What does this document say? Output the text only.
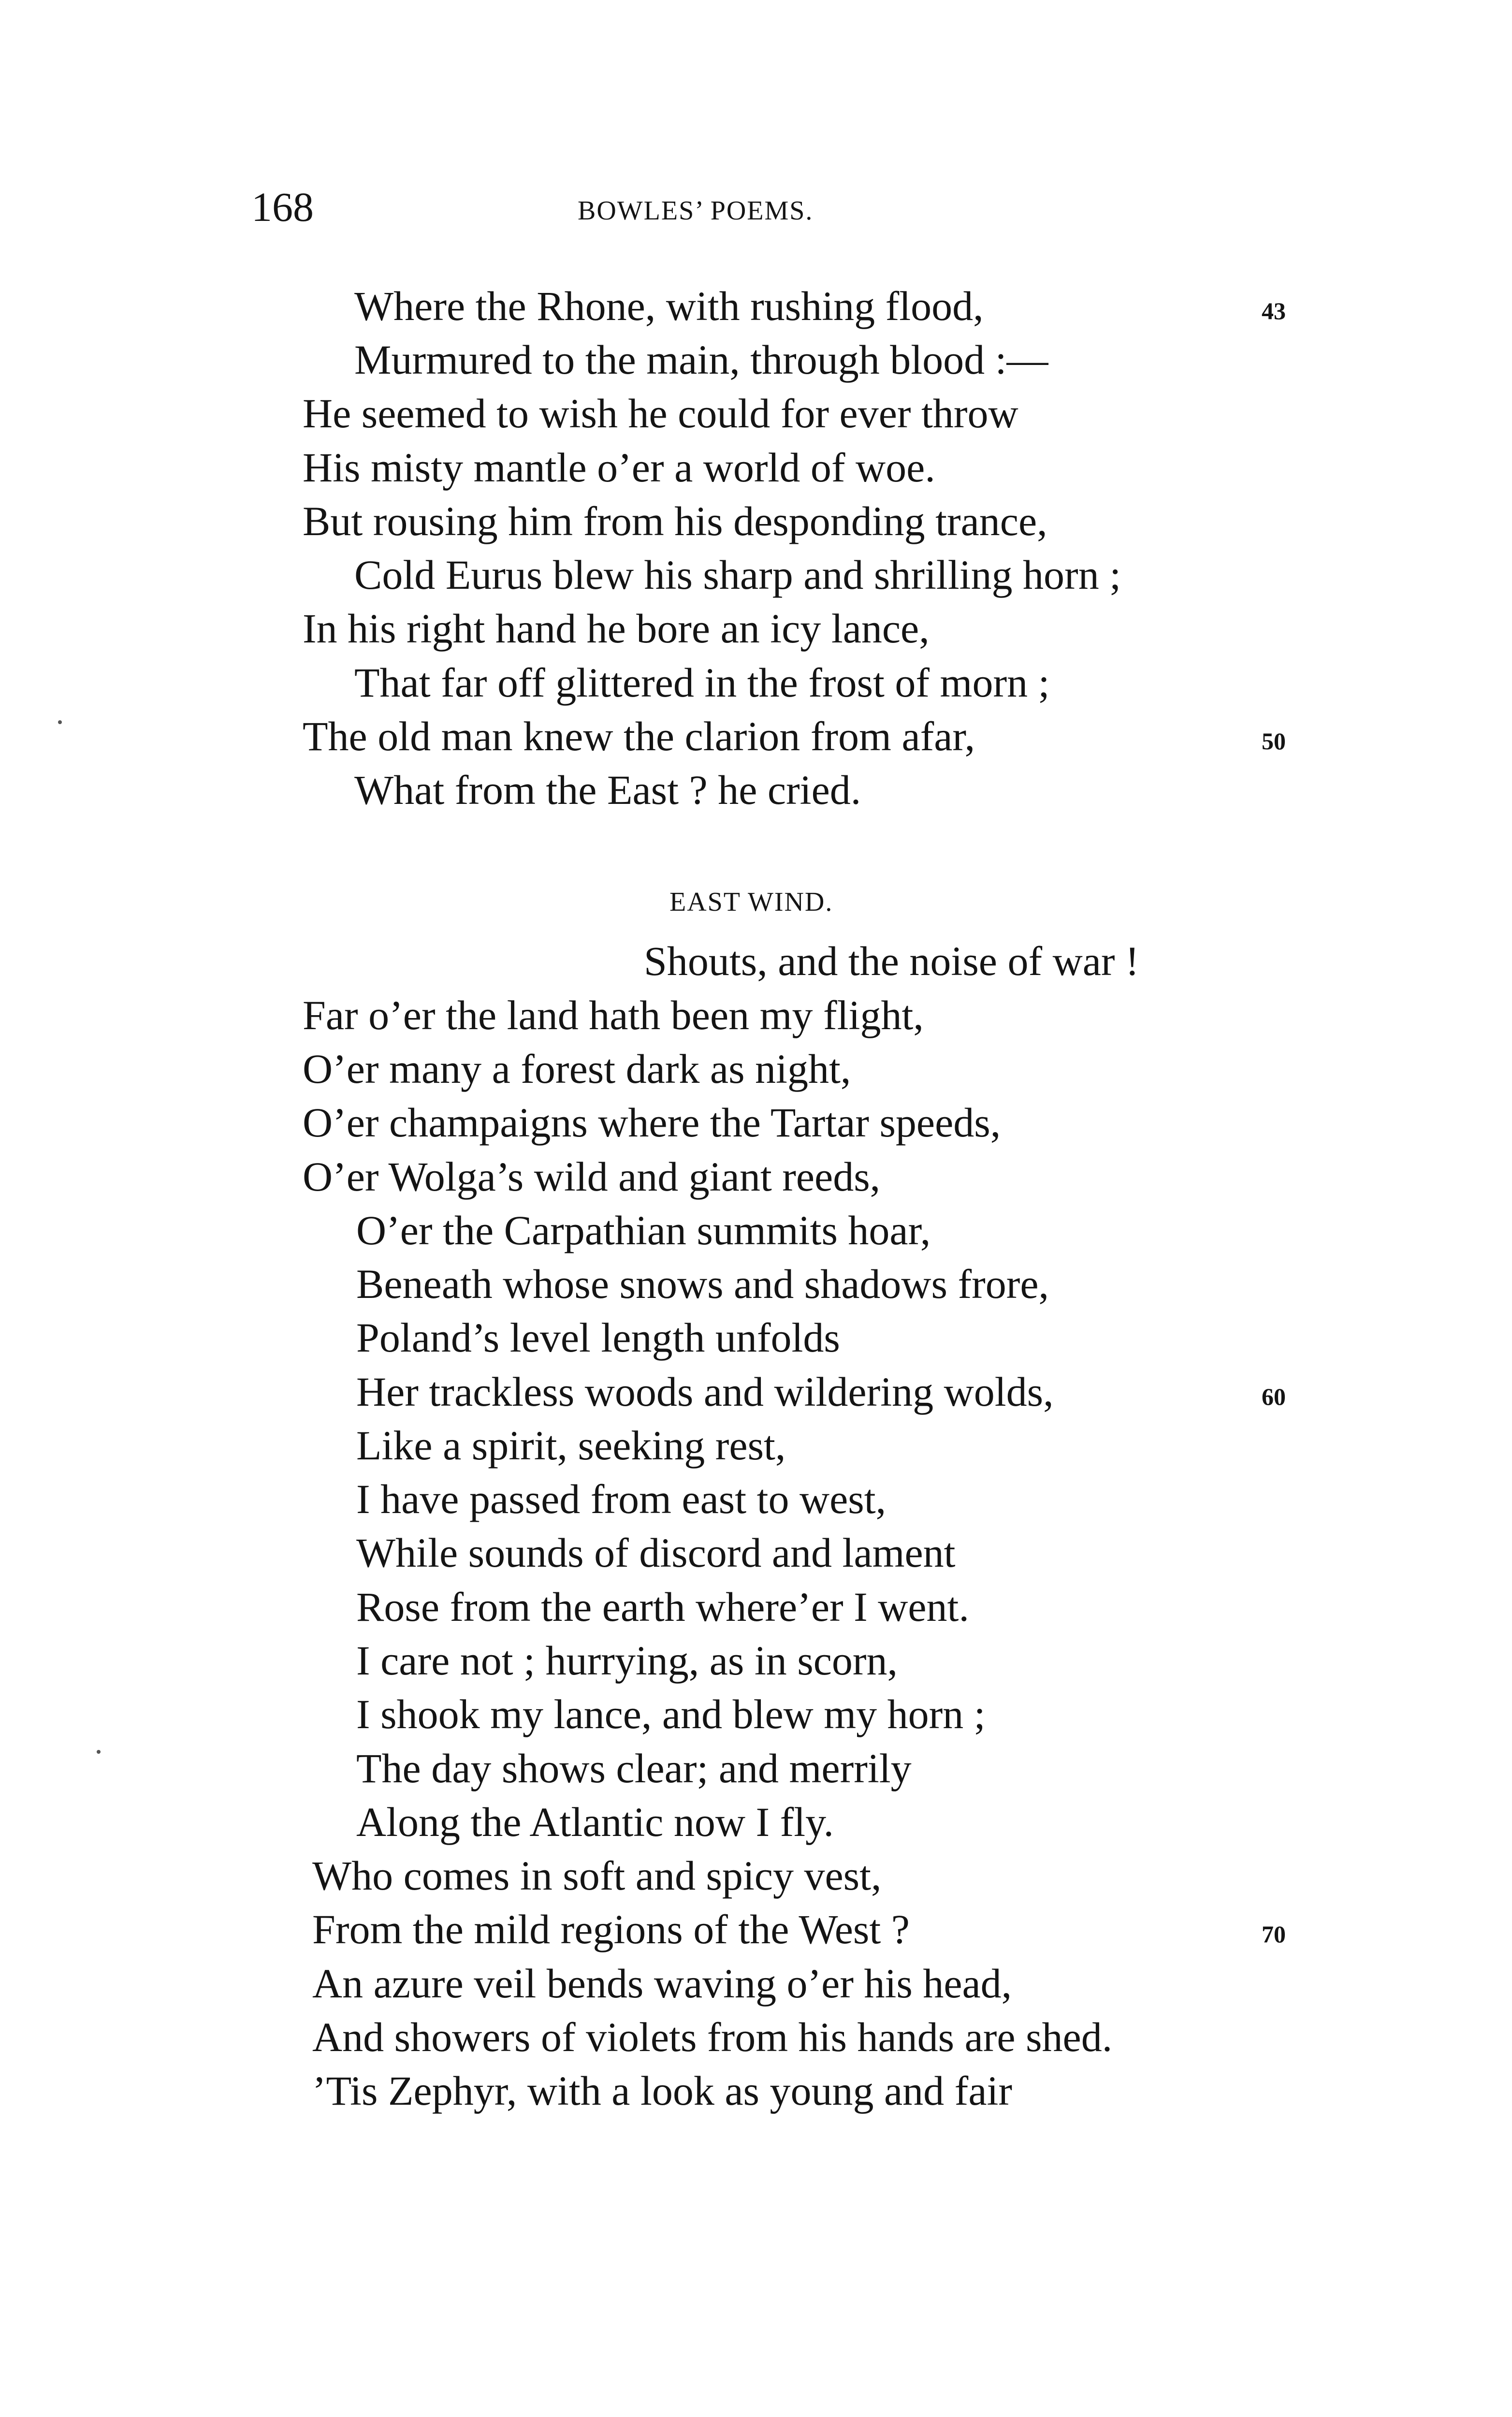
168	BOWLES’ POEMS.
Where the Rhone, with rushing flood,
Murmured to the main, through blood :—
He seemed to wish he could for ever throw
His misty mantle o’er a world of woe.
But rousing him from his desponding trance,
Cold Eurus blew his sharp and shrilling horn ;
In his right hand he bore an icy lance,
That far off glittered in the frost of morn ;
The old man knew the clarion from afar,
What from the East ? he cried.
EAST WIND.
Shouts, and the noise of war !
Far o’er the land hath been my flight,
O’er many a forest dark as night,
O’er champaigns where the Tartar speeds,
O’er Wolga’s wild and giant reeds,
O’er the Carpathian summits hoar,
Beneath whose snows and shadows frore,
Poland’s level length unfolds
Her trackless woods and wildering wolds,
Like a spirit, seeking rest,
I have passed from east to west,
While sounds of discord and lament
Rose from the earth where’er I went.
I care not ; hurrying, as in scorn,
I shook my lance, and blew my horn ;
The day shows clear; and merrily
Along the Atlantic now I fly.
Who comes in soft and spicy vest,
From the mild regions of the West ?
An azure veil bends waving o’er his head,
And showers of violets from his hands are shed.
’Tis Zephyr, with a look as young and fair
43
50
60
70
